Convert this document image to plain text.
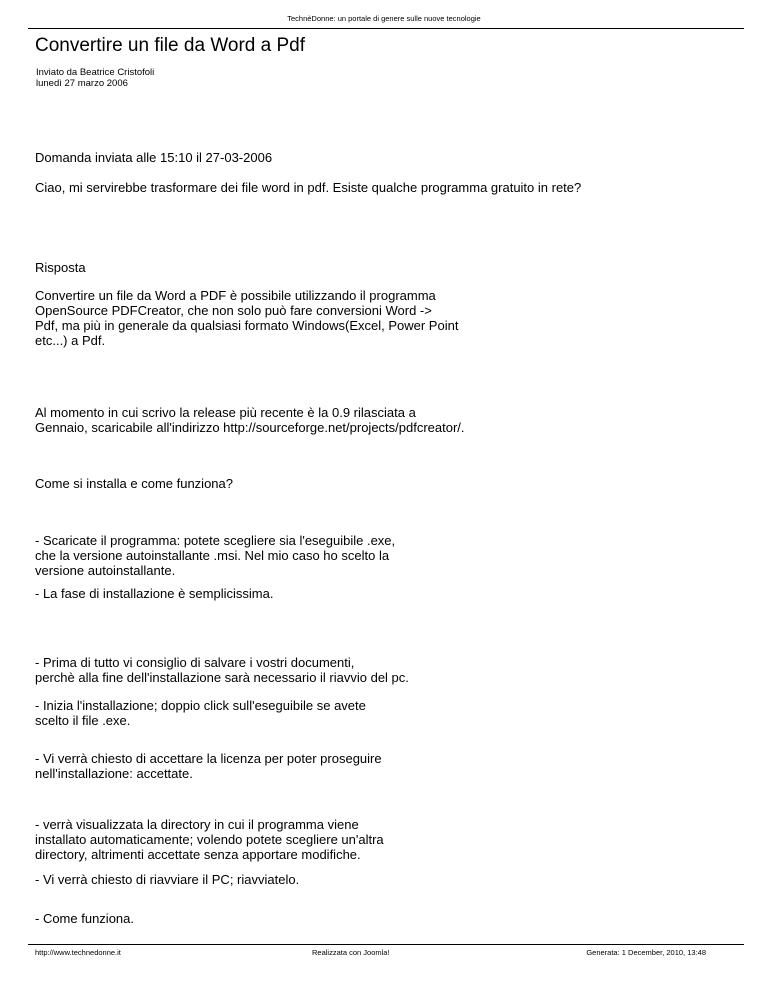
TechnèDonne: un portale di genere sulle nuove tecnologie
Convertire un file da Word a Pdf
Inviato da Beatrice Cristofoli
lunedì 27 marzo 2006
Domanda inviata alle 15:10 il 27-03-2006
Ciao, mi servirebbe trasformare dei file word in pdf. Esiste qualche programma gratuito in rete?
Risposta
Convertire un file da Word a PDF è possibile utilizzando il programma
OpenSource PDFCreator, che non solo può fare conversioni Word ->
Pdf, ma più in generale da qualsiasi formato Windows(Excel, Power Point
etc...) a Pdf.
Al momento in cui scrivo la release più recente è la 0.9 rilasciata a
Gennaio, scaricabile all'indirizzo http://sourceforge.net/projects/pdfcreator/.
Come si installa e come funziona?
- Scaricate il programma: potete scegliere sia l'eseguibile .exe,
che la versione autoinstallante .msi. Nel mio caso ho scelto la
versione autoinstallante.
- La fase di installazione è semplicissima.
- Prima di tutto vi consiglio di salvare i vostri documenti,
perchè alla fine dell'installazione sarà necessario il riavvio del pc.
- Inizia l'installazione; doppio click sull'eseguibile se avete
scelto il file .exe.
- Vi verrà chiesto di accettare la licenza per poter proseguire
nell'installazione: accettate.
- verrà visualizzata la directory in cui il programma viene
installato automaticamente; volendo potete scegliere un'altra
directory, altrimenti accettate senza apportare modifiche.
- Vi verrà chiesto di riavviare il PC; riavviatelo.
- Come funziona.
http://www.technedonne.it	Realizzata con Joomla!	Generata: 1 December, 2010, 13:48
